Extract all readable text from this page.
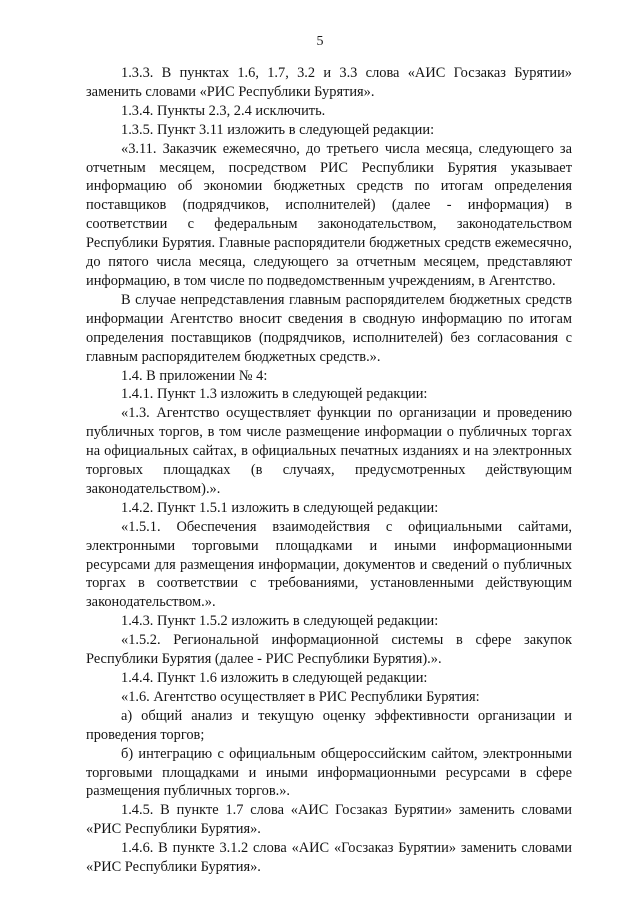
5

1.3.3. В пунктах 1.6, 1.7, 3.2 и 3.3 слова «АИС Госзаказ Бурятии» заменить словами «РИС Республики Бурятия».

1.3.4. Пункты 2.3, 2.4 исключить.

1.3.5. Пункт 3.11 изложить в следующей редакции:

«3.11. Заказчик ежемесячно, до третьего числа месяца, следующего за отчетным месяцем, посредством РИС Республики Бурятия указывает информацию об экономии бюджетных средств по итогам определения поставщиков (подрядчиков, исполнителей) (далее - информация) в соответствии с федеральным законодательством, законодательством Республики Бурятия. Главные распорядители бюджетных средств ежемесячно, до пятого числа месяца, следующего за отчетным месяцем, представляют информацию, в том числе по подведомственным учреждениям, в Агентство.

В случае непредставления главным распорядителем бюджетных средств информации Агентство вносит сведения в сводную информацию по итогам определения поставщиков (подрядчиков, исполнителей) без согласования с главным распорядителем бюджетных средств.».

1.4. В приложении № 4:

1.4.1. Пункт 1.3 изложить в следующей редакции:

«1.3. Агентство осуществляет функции по организации и проведению публичных торгов, в том числе размещение информации о публичных торгах на официальных сайтах, в официальных печатных изданиях и на электронных торговых площадках (в случаях, предусмотренных действующим законодательством).».

1.4.2. Пункт 1.5.1 изложить в следующей редакции:

«1.5.1. Обеспечения взаимодействия с официальными сайтами, электронными торговыми площадками и иными информационными ресурсами для размещения информации, документов и сведений о публичных торгах в соответствии с требованиями, установленными действующим законодательством.».

1.4.3. Пункт 1.5.2 изложить в следующей редакции:

«1.5.2. Региональной информационной системы в сфере закупок Республики Бурятия (далее - РИС Республики Бурятия).».

1.4.4. Пункт 1.6 изложить в следующей редакции:

«1.6. Агентство осуществляет в РИС Республики Бурятия:

а) общий анализ и текущую оценку эффективности организации и проведения торгов;

б) интеграцию с официальным общероссийским сайтом, электронными торговыми площадками и иными информационными ресурсами в сфере размещения публичных торгов.».

1.4.5. В пункте 1.7 слова «АИС Госзаказ Бурятии» заменить словами «РИС Республики Бурятия».

1.4.6. В пункте 3.1.2 слова «АИС «Госзаказ Бурятии» заменить словами «РИС Республики Бурятия».
